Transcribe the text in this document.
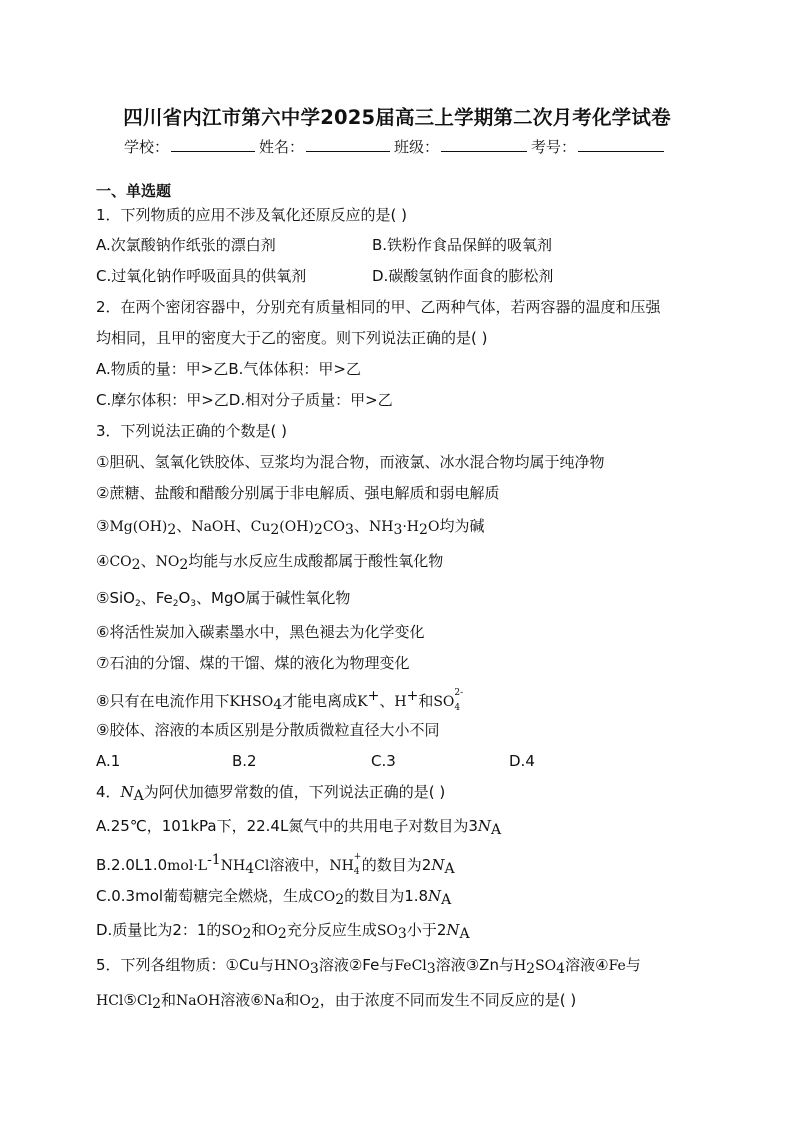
四川省内江市第六中学2025届高三上学期第二次月考化学试卷
学校：	姓名：	班级：	考号：
一、单选题
1．下列物质的应用不涉及氧化还原反应的是( )
A.次氯酸钠作纸张的漂白剂	B.铁粉作食品保鲜的吸氧剂
C.过氧化钠作呼吸面具的供氧剂	D.碳酸氢钠作面食的膨松剂
2．在两个密闭容器中，分别充有质量相同的甲、乙两种气体，若两容器的温度和压强
均相同，且甲的密度大于乙的密度。则下列说法正确的是( )
A.物质的量：甲>乙B.气体体积：甲>乙
C.摩尔体积：甲>乙D.相对分子质量：甲>乙
3．下列说法正确的个数是( )
①胆矾、氢氧化铁胶体、豆浆均为混合物，而液氯、冰水混合物均属于纯净物
②蔗糖、盐酸和醋酸分别属于非电解质、强电解质和弱电解质
$③Mg(OH)_2$、NaOH、$Cu_2(OH)_2CO_3$、$NH_3\cdot H_2O$均为碱
$④CO_2$、$NO_2$均能与水反应生成酸都属于酸性氧化物
⑤SiO$_2$、$Fe_2O_3$、MgO属于碱性氧化物
⑥将活性炭加入碳素墨水中，黑色褪去为化学变化
⑦石油的分馏、煤的干馏、煤的液化为物理变化
⑧只有在电流作用下$KHSO_4$才能电离成K+、H+和SO
2-
4
⑨胶体、溶液的本质区别是分散质微粒直径大小不同
A.1	B.2	C.3	D.4
4．$N_A$为阿伏加德罗常数的值，下列说法正确的是( )
A.25℃，101kPa下，22.4L氮气中的共用电子对数目为$3N_A$
$B.2.0L1.0mol\cdot L^{-1}NH_4Cl$溶液中，NH
+
4 的数目为$2N_A$
C.0.3mol葡萄糖完全燃烧，生成$CO_2$的数目为$1.8N_A$
D.质量比为2：1的$SO_2$和$O_2$充分反应生成$SO_3$小于$2N_A$
5．下列各组物质：①Cu与$HNO_3$溶液②Fe与FeCl$_3$溶液③Zn与$H_2SO_4$溶液④Fe与
$HCl⑤Cl_2$和NaOH溶液⑥Na和$O_2$，由于浓度不同而发生不同反应的是( )
